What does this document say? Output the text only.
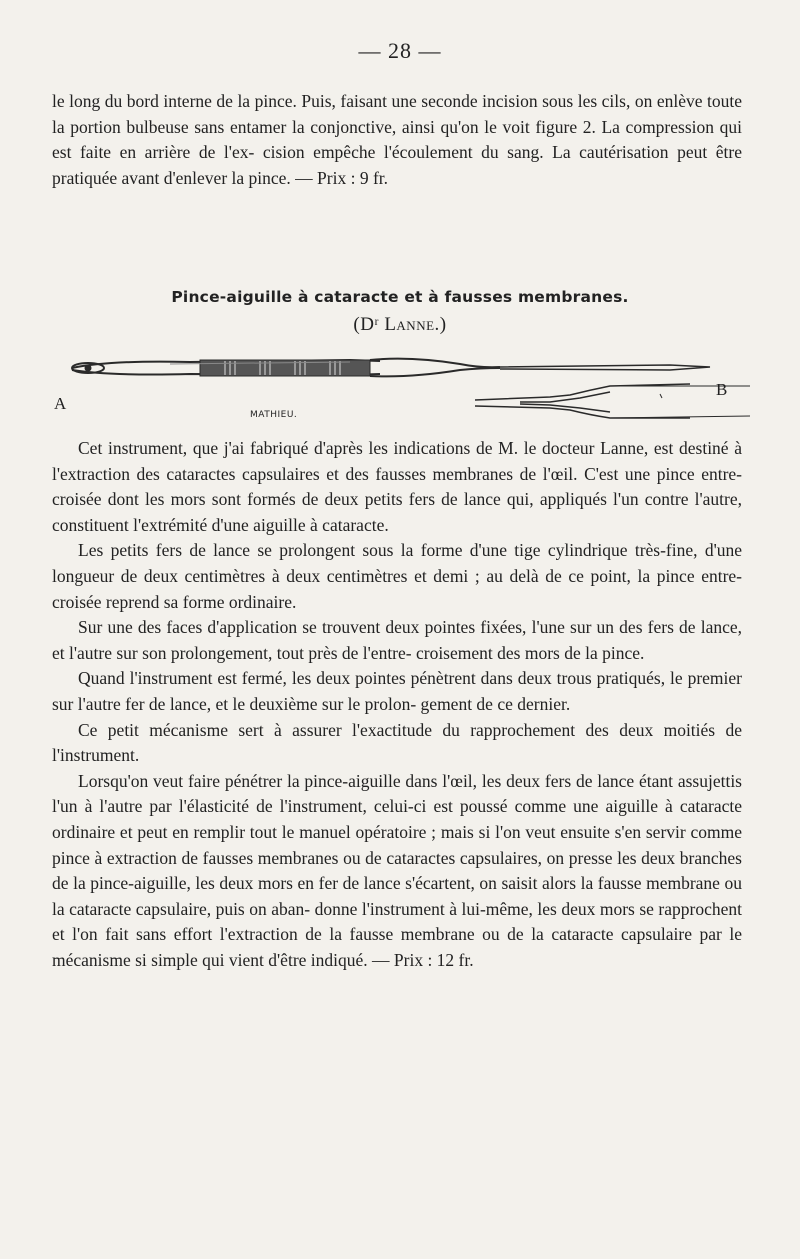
— 28 —

le long du bord interne de la pince. Puis, faisant une seconde incision sous les cils, on enlève toute la portion bulbeuse sans entamer la conjonctive, ainsi qu'on le voit figure 2. La compression qui est faite en arrière de l'ex- cision empêche l'écoulement du sang. La cautérisation peut être pratiquée avant d'enlever la pince. — Prix : 9 fr.

Pince-aiguille à cataracte et à fausses membranes.
(Dʳ Lanne.)
A
B
MATHIEU.

Cet instrument, que j'ai fabriqué d'après les indications de M. le docteur Lanne, est destiné à l'extraction des cataractes capsulaires et des fausses membranes de l'œil. C'est une pince entre-croisée dont les mors sont formés de deux petits fers de lance qui, appliqués l'un contre l'autre, constituent l'extrémité d'une aiguille à cataracte.

Les petits fers de lance se prolongent sous la forme d'une tige cylindrique très-fine, d'une longueur de deux centimètres à deux centimètres et demi ; au delà de ce point, la pince entre-croisée reprend sa forme ordinaire.

Sur une des faces d'application se trouvent deux pointes fixées, l'une sur un des fers de lance, et l'autre sur son prolongement, tout près de l'entre- croisement des mors de la pince.

Quand l'instrument est fermé, les deux pointes pénètrent dans deux trous pratiqués, le premier sur l'autre fer de lance, et le deuxième sur le prolon- gement de ce dernier.

Ce petit mécanisme sert à assurer l'exactitude du rapprochement des deux moitiés de l'instrument.

Lorsqu'on veut faire pénétrer la pince-aiguille dans l'œil, les deux fers de lance étant assujettis l'un à l'autre par l'élasticité de l'instrument, celui-ci est poussé comme une aiguille à cataracte ordinaire et peut en remplir tout le manuel opératoire ; mais si l'on veut ensuite s'en servir comme pince à extraction de fausses membranes ou de cataractes capsulaires, on presse les deux branches de la pince-aiguille, les deux mors en fer de lance s'écartent, on saisit alors la fausse membrane ou la cataracte capsulaire, puis on aban- donne l'instrument à lui-même, les deux mors se rapprochent et l'on fait sans effort l'extraction de la fausse membrane ou de la cataracte capsulaire par le mécanisme si simple qui vient d'être indiqué. — Prix : 12 fr.
